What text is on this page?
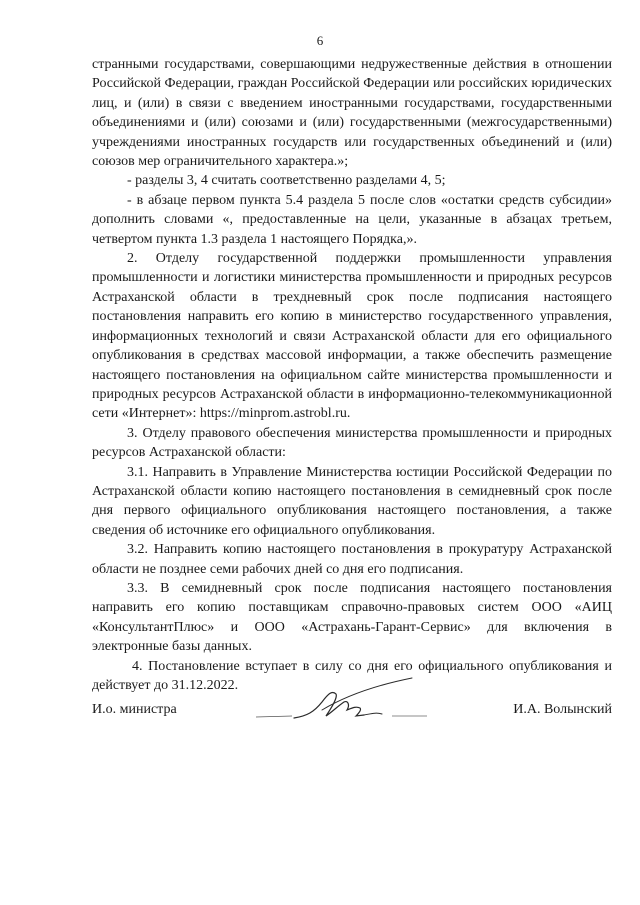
6

странными государствами, совершающими недружественные действия в отношении Российской Федерации, граждан Российской Федерации или российских юридических лиц, и (или) в связи с введением иностранными государствами, государственными объединениями и (или) союзами и (или) государственными (межгосударственными) учреждениями иностранных государств или государственных объединений и (или) союзов мер ограничительного характера.»;

- разделы 3, 4 считать соответственно разделами 4, 5;

- в абзаце первом пункта 5.4 раздела 5 после слов «остатки средств субсидии» дополнить словами «, предоставленные на цели, указанные в абзацах третьем, четвертом пункта 1.3 раздела 1 настоящего Порядка,».

2. Отделу государственной поддержки промышленности управления промышленности и логистики министерства промышленности и природных ресурсов Астраханской области в трехдневный срок после подписания настоящего постановления направить его копию в министерство государственного управления, информационных технологий и связи Астраханской области для его официального опубликования в средствах массовой информации, а также обеспечить размещение настоящего постановления на официальном сайте министерства промышленности и природных ресурсов Астраханской области в информационно-телекоммуникационной сети «Интернет»: https://minprom.astrobl.ru.

3. Отделу правового обеспечения министерства промышленности и природных ресурсов Астраханской области:

3.1. Направить в Управление Министерства юстиции Российской Федерации по Астраханской области копию настоящего постановления в семидневный срок после дня первого официального опубликования настоящего постановления, а также сведения об источнике его официального опубликования.

3.2. Направить копию настоящего постановления в прокуратуру Астраханской области не позднее семи рабочих дней со дня его подписания.

3.3. В семидневный срок после подписания настоящего постановления направить его копию поставщикам справочно-правовых систем ООО «АИЦ «КонсультантПлюс» и ООО «Астрахань-Гарант-Сервис» для включения в электронные базы данных.

4. Постановление вступает в силу со дня его официального опубликования и действует до 31.12.2022.

И.о. министра	И.А. Волынский
